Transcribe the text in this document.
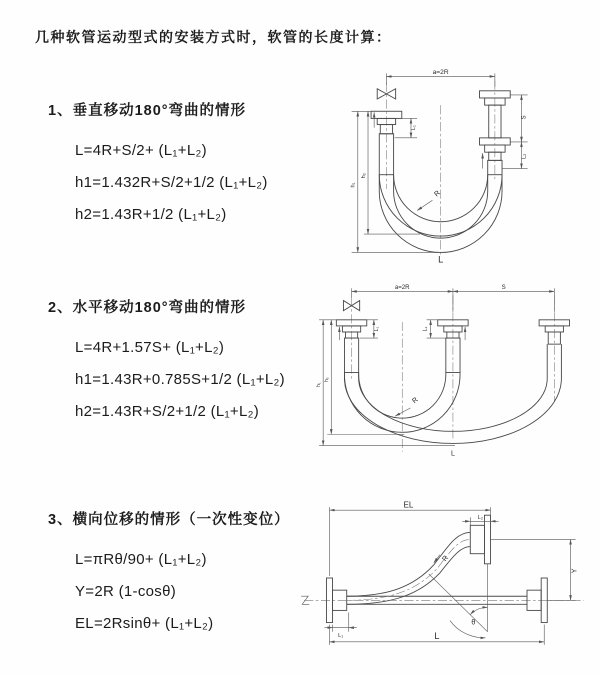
几种软管运动型式的安装方式时，软管的长度计算：
1、垂直移动180°弯曲的情形
L=4R+S/2+ (L₁+L₂)
h1=1.432R+S/2+1/2 (L₁+L₂)
h2=1.43R+1/2 (L₁+L₂)
2、水平移动180°弯曲的情形
L=4R+1.57S+ (L₁+L₂)
h1=1.43R+0.785S+1/2 (L₁+L₂)
h2=1.43R+S/2+1/2 (L₁+L₂)
3、横向位移的情形（一次性变位）
L=πRθ/90+ (L₁+L₂)
Y=2R (1-cosθ)
EL=2Rsinθ+ (L₁+L₂)
a=2R
h₁
h₂
L₁
S
L₂
R
L
a=2R	S
h₁
h₂
L₁	L₂
R
L
EL
L₂
Y
L
L₁
θ
R
